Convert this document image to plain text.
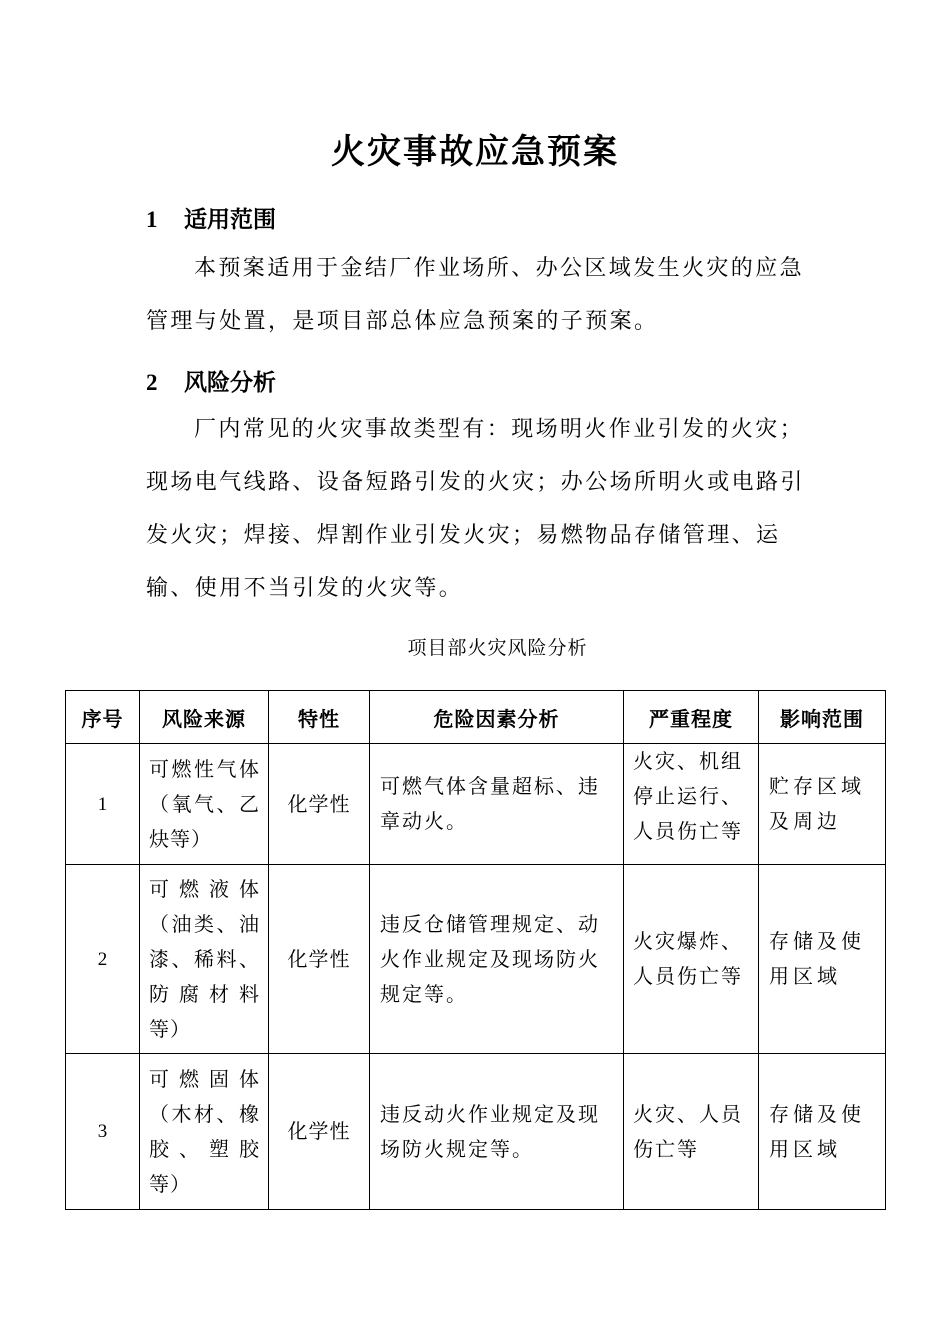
火灾事故应急预案
1 适用范围

本预案适用于金结厂作业场所、办公区域发生火灾的应急管理与处置，是项目部总体应急预案的子预案。

2 风险分析

厂内常见的火灾事故类型有：现场明火作业引发的火灾；现场电气线路、设备短路引发的火灾；办公场所明火或电路引发火灾；焊接、焊割作业引发火灾；易燃物品存储管理、运输、使用不当引发的火灾等。

项目部火灾风险分析
序号	风险来源	特性	危险因素分析	严重程度	影响范围
1	可燃性气体（氧气、乙炔等）	化学性	可燃气体含量超标、违章动火。	火灾、机组停止运行、人员伤亡等	贮存区域及周边
2	可燃液体（油类、油漆、稀料、防腐材料等）	化学性	违反仓储管理规定、动火作业规定及现场防火规定等。	火灾爆炸、人员伤亡等	存储及使用区域
3	可燃固体（木材、橡胶、塑胶等）	化学性	违反动火作业规定及现场防火规定等。	火灾、人员伤亡等	存储及使用区域
